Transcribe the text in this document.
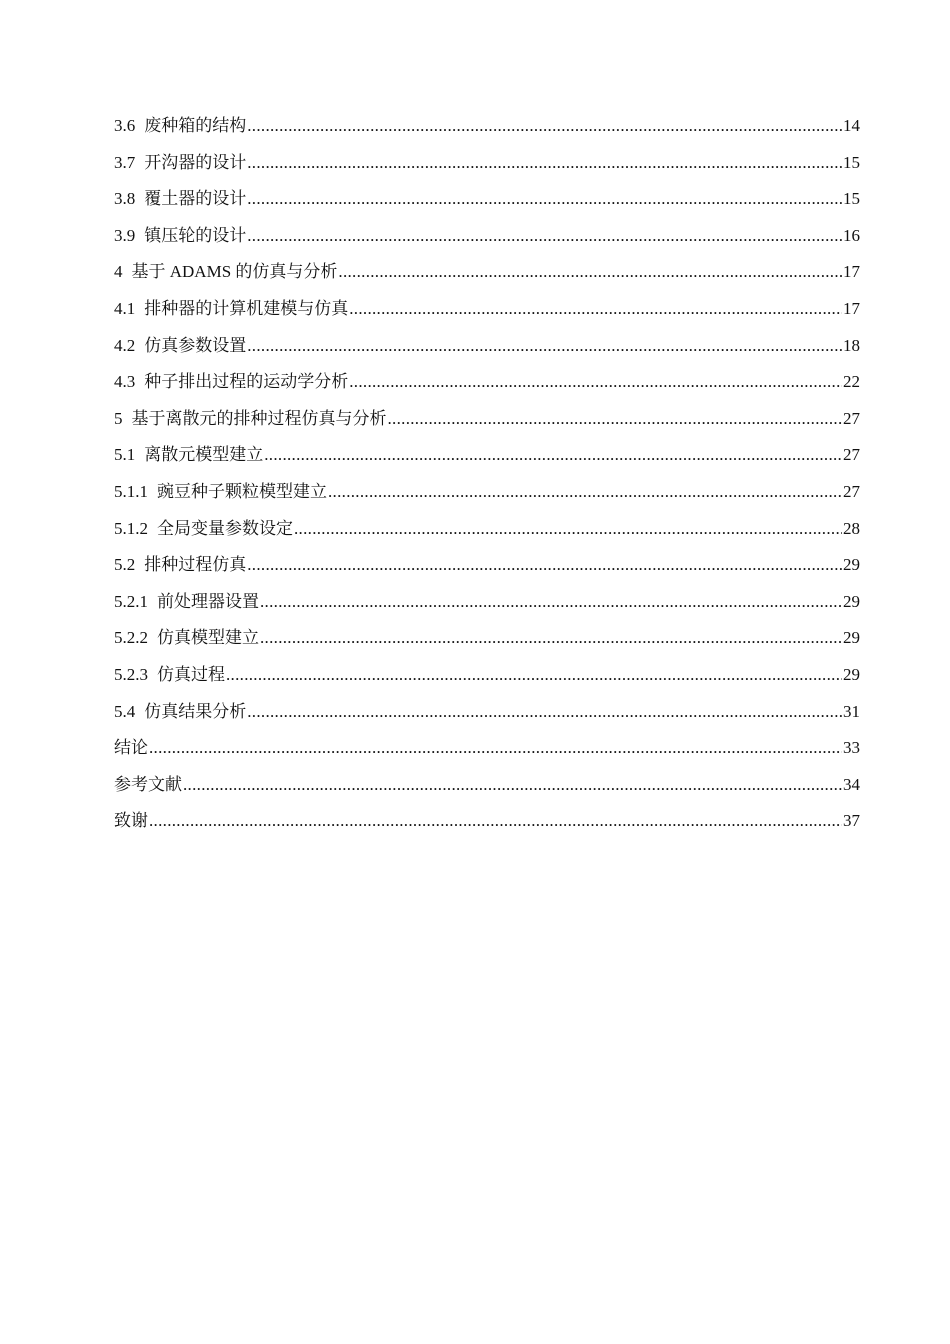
3.6 废种箱的结构 .....	14
3.7 开沟器的设计 .....	15
3.8 覆土器的设计 .....	15
3.9 镇压轮的设计 .....	16
4 基于 ADAMS 的仿真与分析 .....	17
4.1 排种器的计算机建模与仿真 .....	17
4.2 仿真参数设置 .....	18
4.3 种子排出过程的运动学分析 .....	22
5 基于离散元的排种过程仿真与分析 .....	27
5.1 离散元模型建立 .....	27
5.1.1 豌豆种子颗粒模型建立 .....	27
5.1.2 全局变量参数设定 .....	28
5.2 排种过程仿真 .....	29
5.2.1 前处理器设置 .....	29
5.2.2 仿真模型建立 .....	29
5.2.3 仿真过程 .....	29
5.4 仿真结果分析 .....	31
结论 .....	33
参考文献 .....	34
致谢 .....	37
